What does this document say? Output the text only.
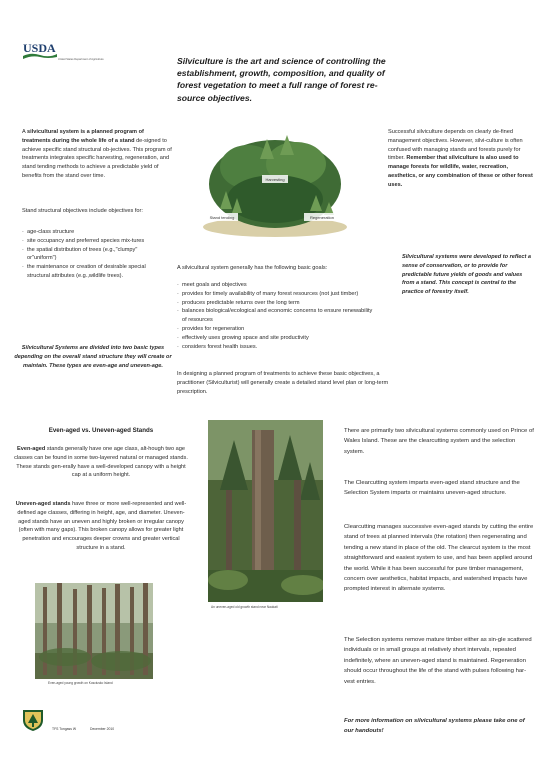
USDA
United States Department of Agriculture	Silviculture is the art and science of controlling the establishment, growth, composition, and quality of forest vegetation to meet a full range of forest re-source objectives.
A silvicultural system is a planned program of treatments during the whole life of a stand de-signed to achieve specific stand structural ob-jectives. This program of treatments integrates specific harvesting, regeneration, and stand tending methods to achieve a predictable yield of benefits from the stand over time.
Stand structural objectives include objectives for:
· age-class structure
· site occupancy and preferred species mix-tures
· the spatial distribution of trees (e.g.,"clumpy" or"uniform")
· the maintenance or creation of desirable special structural attributes (e.g.,wildlife trees).
Silvicultural Systems are divided into two basic types depending on the overall stand structure they will create or maintain. These types are even-age and uneven-age.
Harvesting
Stand tending	Regeneration
A silvicultural system generally has the following basic goals:
· meet goals and objectives
· provides for timely availability of many forest resources (not just timber)
· produces predictable returns over the long term
· balances biological/ecological and economic concerns to ensure renewability of resources
· provides for regeneration
· effectively uses growing space and site productivity
· considers forest health issues.
In designing a planned program of treatments to achieve these basic objectives, a practitioner (Silviculturist) will generally create a detailed stand level plan or long-term prescription.
Successful silviculture depends on clearly de-fined management objectives. However, silvi-culture is often confused with managing stands and forests purely for timber. Remember that silviculture is also used to manage forests for wildlife, water, recreation, aesthetics, or any combination of these or other forest uses.
Silvicultural systems were developed to reflect a sense of conservation, or to provide for predictable future yields of goods and values from a stand. This concept is central to the practice of forestry itself.
Even-aged vs. Uneven-aged Stands
Even-aged stands generally have one age class, alt-hough two age classes can be found in some two-layered natural or managed stands. These stands gen-erally have a well-developed canopy with a height cap at a uniform height.
Uneven-aged stands have three or more well-represented and well-defined age classes, differing in height, age, and diameter. Uneven-aged stands have an uneven and highly broken or irregular canopy (often with many gaps). This broken canopy allows for greater light penetration and encourages deeper crowns and greater vertical structure in a stand.
Even-aged young growth on Kosciusko Island
An uneven-aged old growth stand near Naukati
There are primarily two silvicultural systems commonly used on Prince of Wales Island. These are the clearcutting system and the selection system.
The Clearcutting system imparts even-aged stand structure and the Selection System imparts or maintains uneven-aged structure.
Clearcutting manages successive even-aged stands by cutting the entire stand of trees at planned intervals (the rotation) then regenerating and tending a new stand in place of the old. The clearcut system is the most straightforward and easiest system to use, and has been applied around the world. While it has been successful for pure timber management, concern over aesthetics, habitat impacts, and watershed impacts have prompted interest in alternate systems.
The Selection systems remove mature timber either as sin-gle scattered individuals or in small groups at relatively short intervals, repeated indefinitely, where an uneven-aged stand is maintained. Regeneration should occur throughout the life of the stand with pulses following har-vest entries.
For more information on silvicultural systems please take one of our handouts!
TFS Tongass W	December 2010
